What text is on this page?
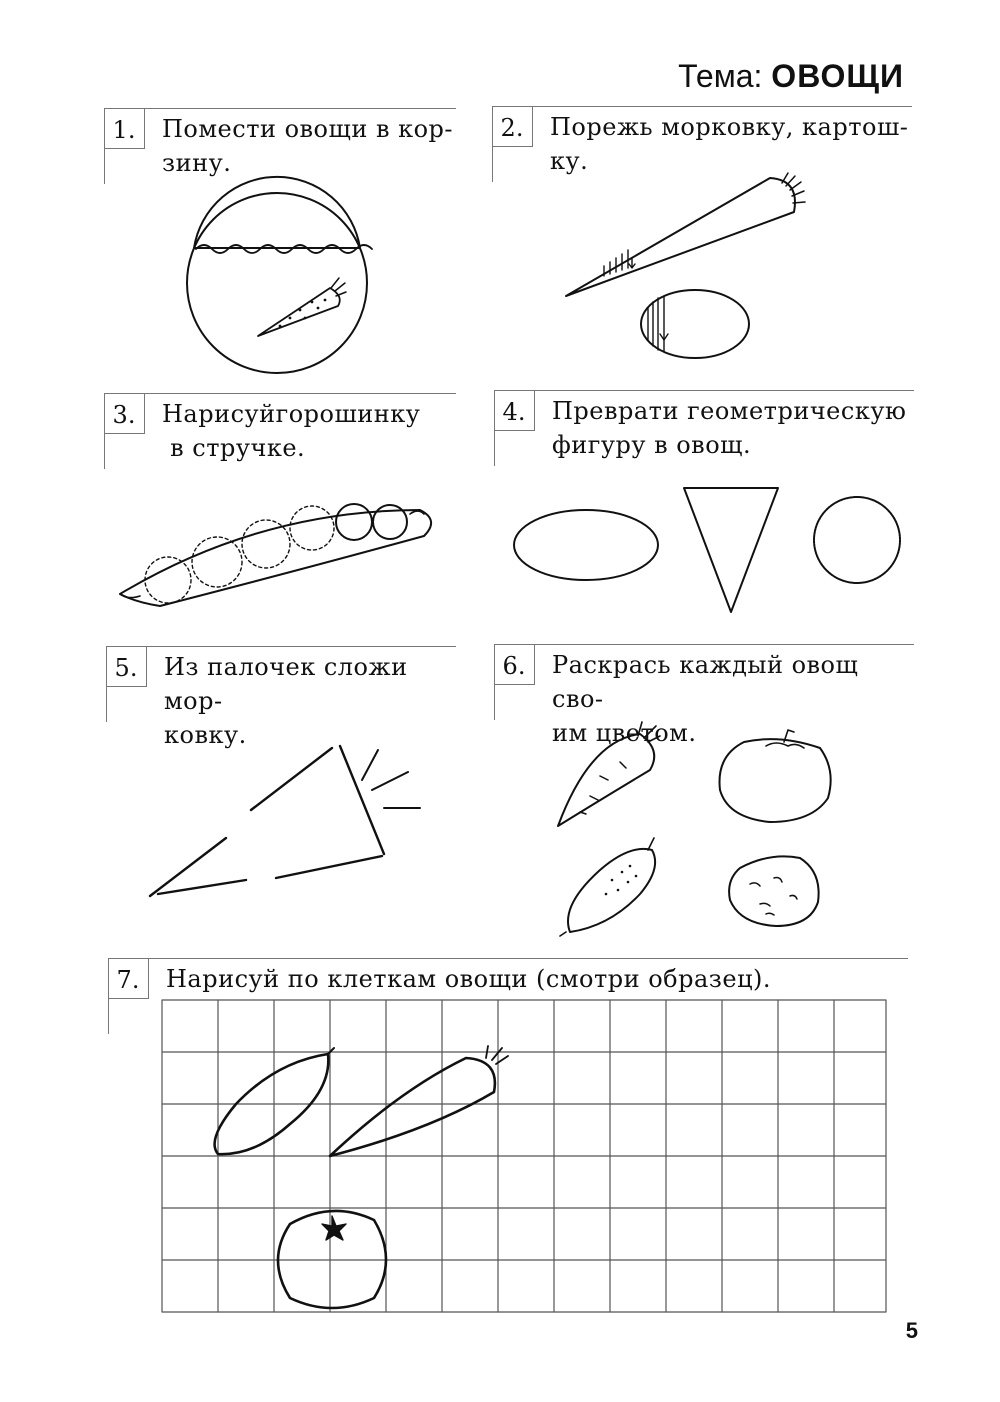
Тема: ОВОЩИ
1.	Помести овощи в кор-
зину.
2.	Порежь морковку, картош-
ку.
3.	Нарисуйгорошинку
в стручке.
4.	Преврати геометрическую
фигуру в овощ.
5.	Из палочек сложи мор-
ковку.
6.	Раскрась каждый овощ сво-
им цветом.
7.	Нарисуй по клеткам овощи (смотри образец).
5
